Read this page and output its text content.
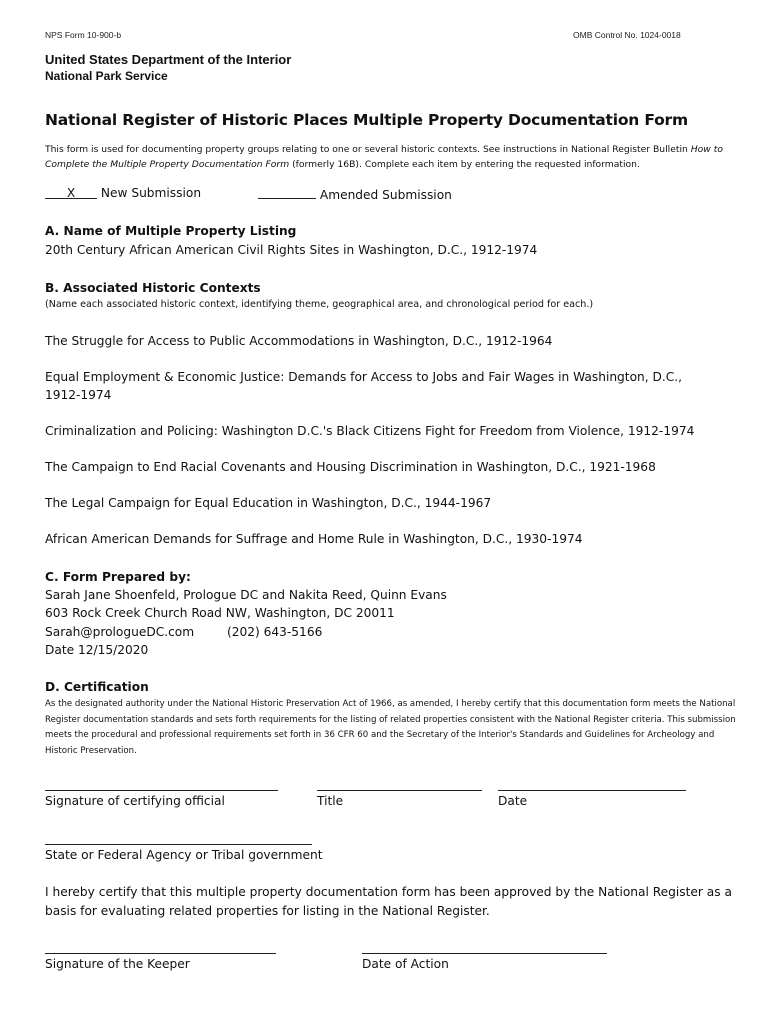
NPS Form 10-900-b	OMB Control No. 1024-0018
United States Department of the Interior
National Park Service
National Register of Historic Places Multiple Property Documentation Form
This form is used for documenting property groups relating to one or several historic contexts. See instructions in National Register Bulletin How to Complete the Multiple Property Documentation Form (formerly 16B). Complete each item by entering the requested information.
X New Submission	Amended Submission
A. Name of Multiple Property Listing
20th Century African American Civil Rights Sites in Washington, D.C., 1912-1974
B. Associated Historic Contexts
(Name each associated historic context, identifying theme, geographical area, and chronological period for each.)
The Struggle for Access to Public Accommodations in Washington, D.C., 1912-1964
Equal Employment & Economic Justice: Demands for Access to Jobs and Fair Wages in Washington, D.C.,
1912-1974
Criminalization and Policing: Washington D.C.'s Black Citizens Fight for Freedom from Violence, 1912-1974
The Campaign to End Racial Covenants and Housing Discrimination in Washington, D.C., 1921-1968
The Legal Campaign for Equal Education in Washington, D.C., 1944-1967
African American Demands for Suffrage and Home Rule in Washington, D.C., 1930-1974
C. Form Prepared by:
Sarah Jane Shoenfeld, Prologue DC and Nakita Reed, Quinn Evans
603 Rock Creek Church Road NW, Washington, DC 20011
Sarah@prologueDC.com	(202) 643-5166
Date 12/15/2020
D. Certification
As the designated authority under the National Historic Preservation Act of 1966, as amended, I hereby certify that this documentation form meets the National Register documentation standards and sets forth requirements for the listing of related properties consistent with the National Register criteria. This submission meets the procedural and professional requirements set forth in 36 CFR 60 and the Secretary of the Interior's Standards and Guidelines for Archeology and Historic Preservation.
Signature of certifying official	Title	Date
State or Federal Agency or Tribal government
I hereby certify that this multiple property documentation form has been approved by the National Register as a basis for evaluating related properties for listing in the National Register.
Signature of the Keeper	Date of Action
